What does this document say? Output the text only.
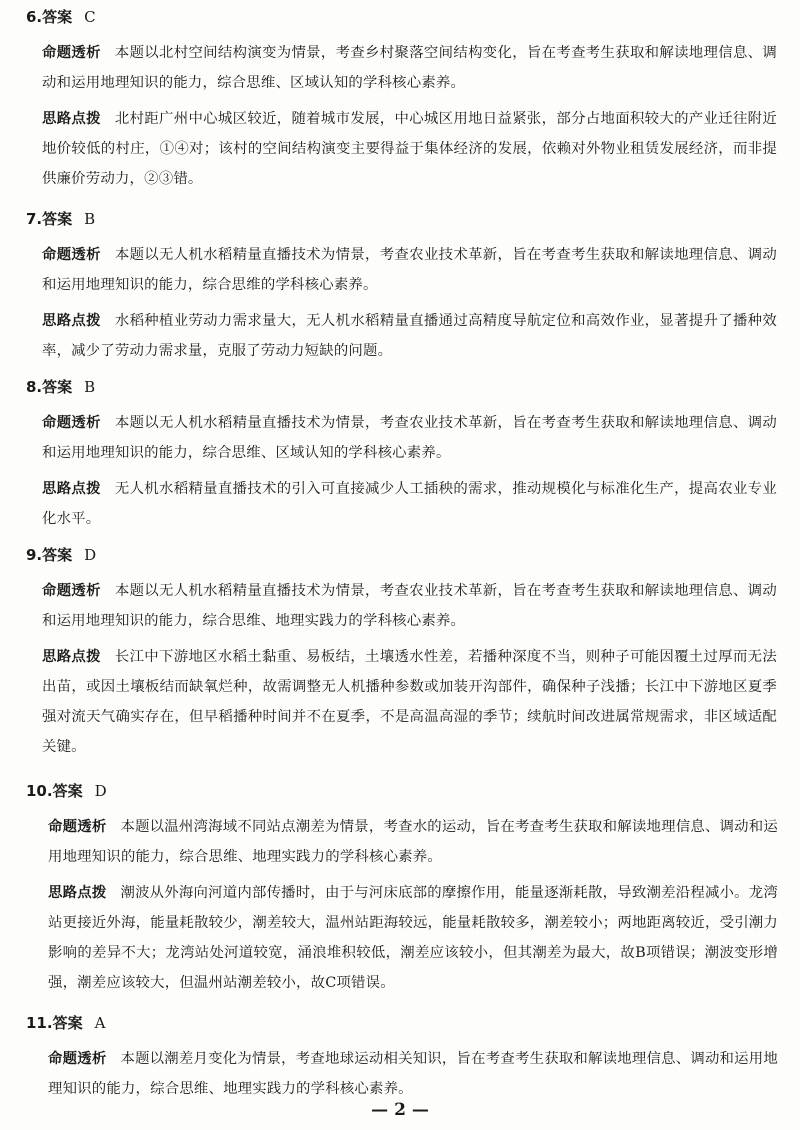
6.答案 C
命题透析 本题以北村空间结构演变为情景，考查乡村聚落空间结构变化，旨在考查考生获取和解读地理信息、调动和运用地理知识的能力，综合思维、区域认知的学科核心素养。
思路点拨 北村距广州中心城区较近，随着城市发展，中心城区用地日益紧张，部分占地面积较大的产业迁往附近地价较低的村庄，①④对；该村的空间结构演变主要得益于集体经济的发展，依赖对外物业租赁发展经济，而非提供廉价劳动力，②③错。
7.答案 B
命题透析 本题以无人机水稻精量直播技术为情景，考查农业技术革新，旨在考查考生获取和解读地理信息、调动和运用地理知识的能力，综合思维的学科核心素养。
思路点拨 水稻种植业劳动力需求量大，无人机水稻精量直播通过高精度导航定位和高效作业，显著提升了播种效率，减少了劳动力需求量，克服了劳动力短缺的问题。
8.答案 B
命题透析 本题以无人机水稻精量直播技术为情景，考查农业技术革新，旨在考查考生获取和解读地理信息、调动和运用地理知识的能力，综合思维、区域认知的学科核心素养。
思路点拨 无人机水稻精量直播技术的引入可直接减少人工插秧的需求，推动规模化与标准化生产，提高农业专业化水平。
9.答案 D
命题透析 本题以无人机水稻精量直播技术为情景，考查农业技术革新，旨在考查考生获取和解读地理信息、调动和运用地理知识的能力，综合思维、地理实践力的学科核心素养。
思路点拨 长江中下游地区水稻土黏重、易板结，土壤透水性差，若播种深度不当，则种子可能因覆土过厚而无法出苗，或因土壤板结而缺氧烂种，故需调整无人机播种参数或加装开沟部件，确保种子浅播；长江中下游地区夏季强对流天气确实存在，但早稻播种时间并不在夏季，不是高温高湿的季节；续航时间改进属常规需求，非区域适配关键。
10.答案 D
命题透析 本题以温州湾海域不同站点潮差为情景，考查水的运动，旨在考查考生获取和解读地理信息、调动和运用地理知识的能力，综合思维、地理实践力的学科核心素养。
思路点拨 潮波从外海向河道内部传播时，由于与河床底部的摩擦作用，能量逐渐耗散，导致潮差沿程减小。龙湾站更接近外海，能量耗散较少，潮差较大，温州站距海较远，能量耗散较多，潮差较小；两地距离较近，受引潮力影响的差异不大；龙湾站处河道较宽，涌浪堆积较低，潮差应该较小，但其潮差为最大，故B项错误；潮波变形增强，潮差应该较大，但温州站潮差较小，故C项错误。
11.答案 A
命题透析 本题以潮差月变化为情景，考查地球运动相关知识，旨在考查考生获取和解读地理信息、调动和运用地理知识的能力，综合思维、地理实践力的学科核心素养。
— 2 —
